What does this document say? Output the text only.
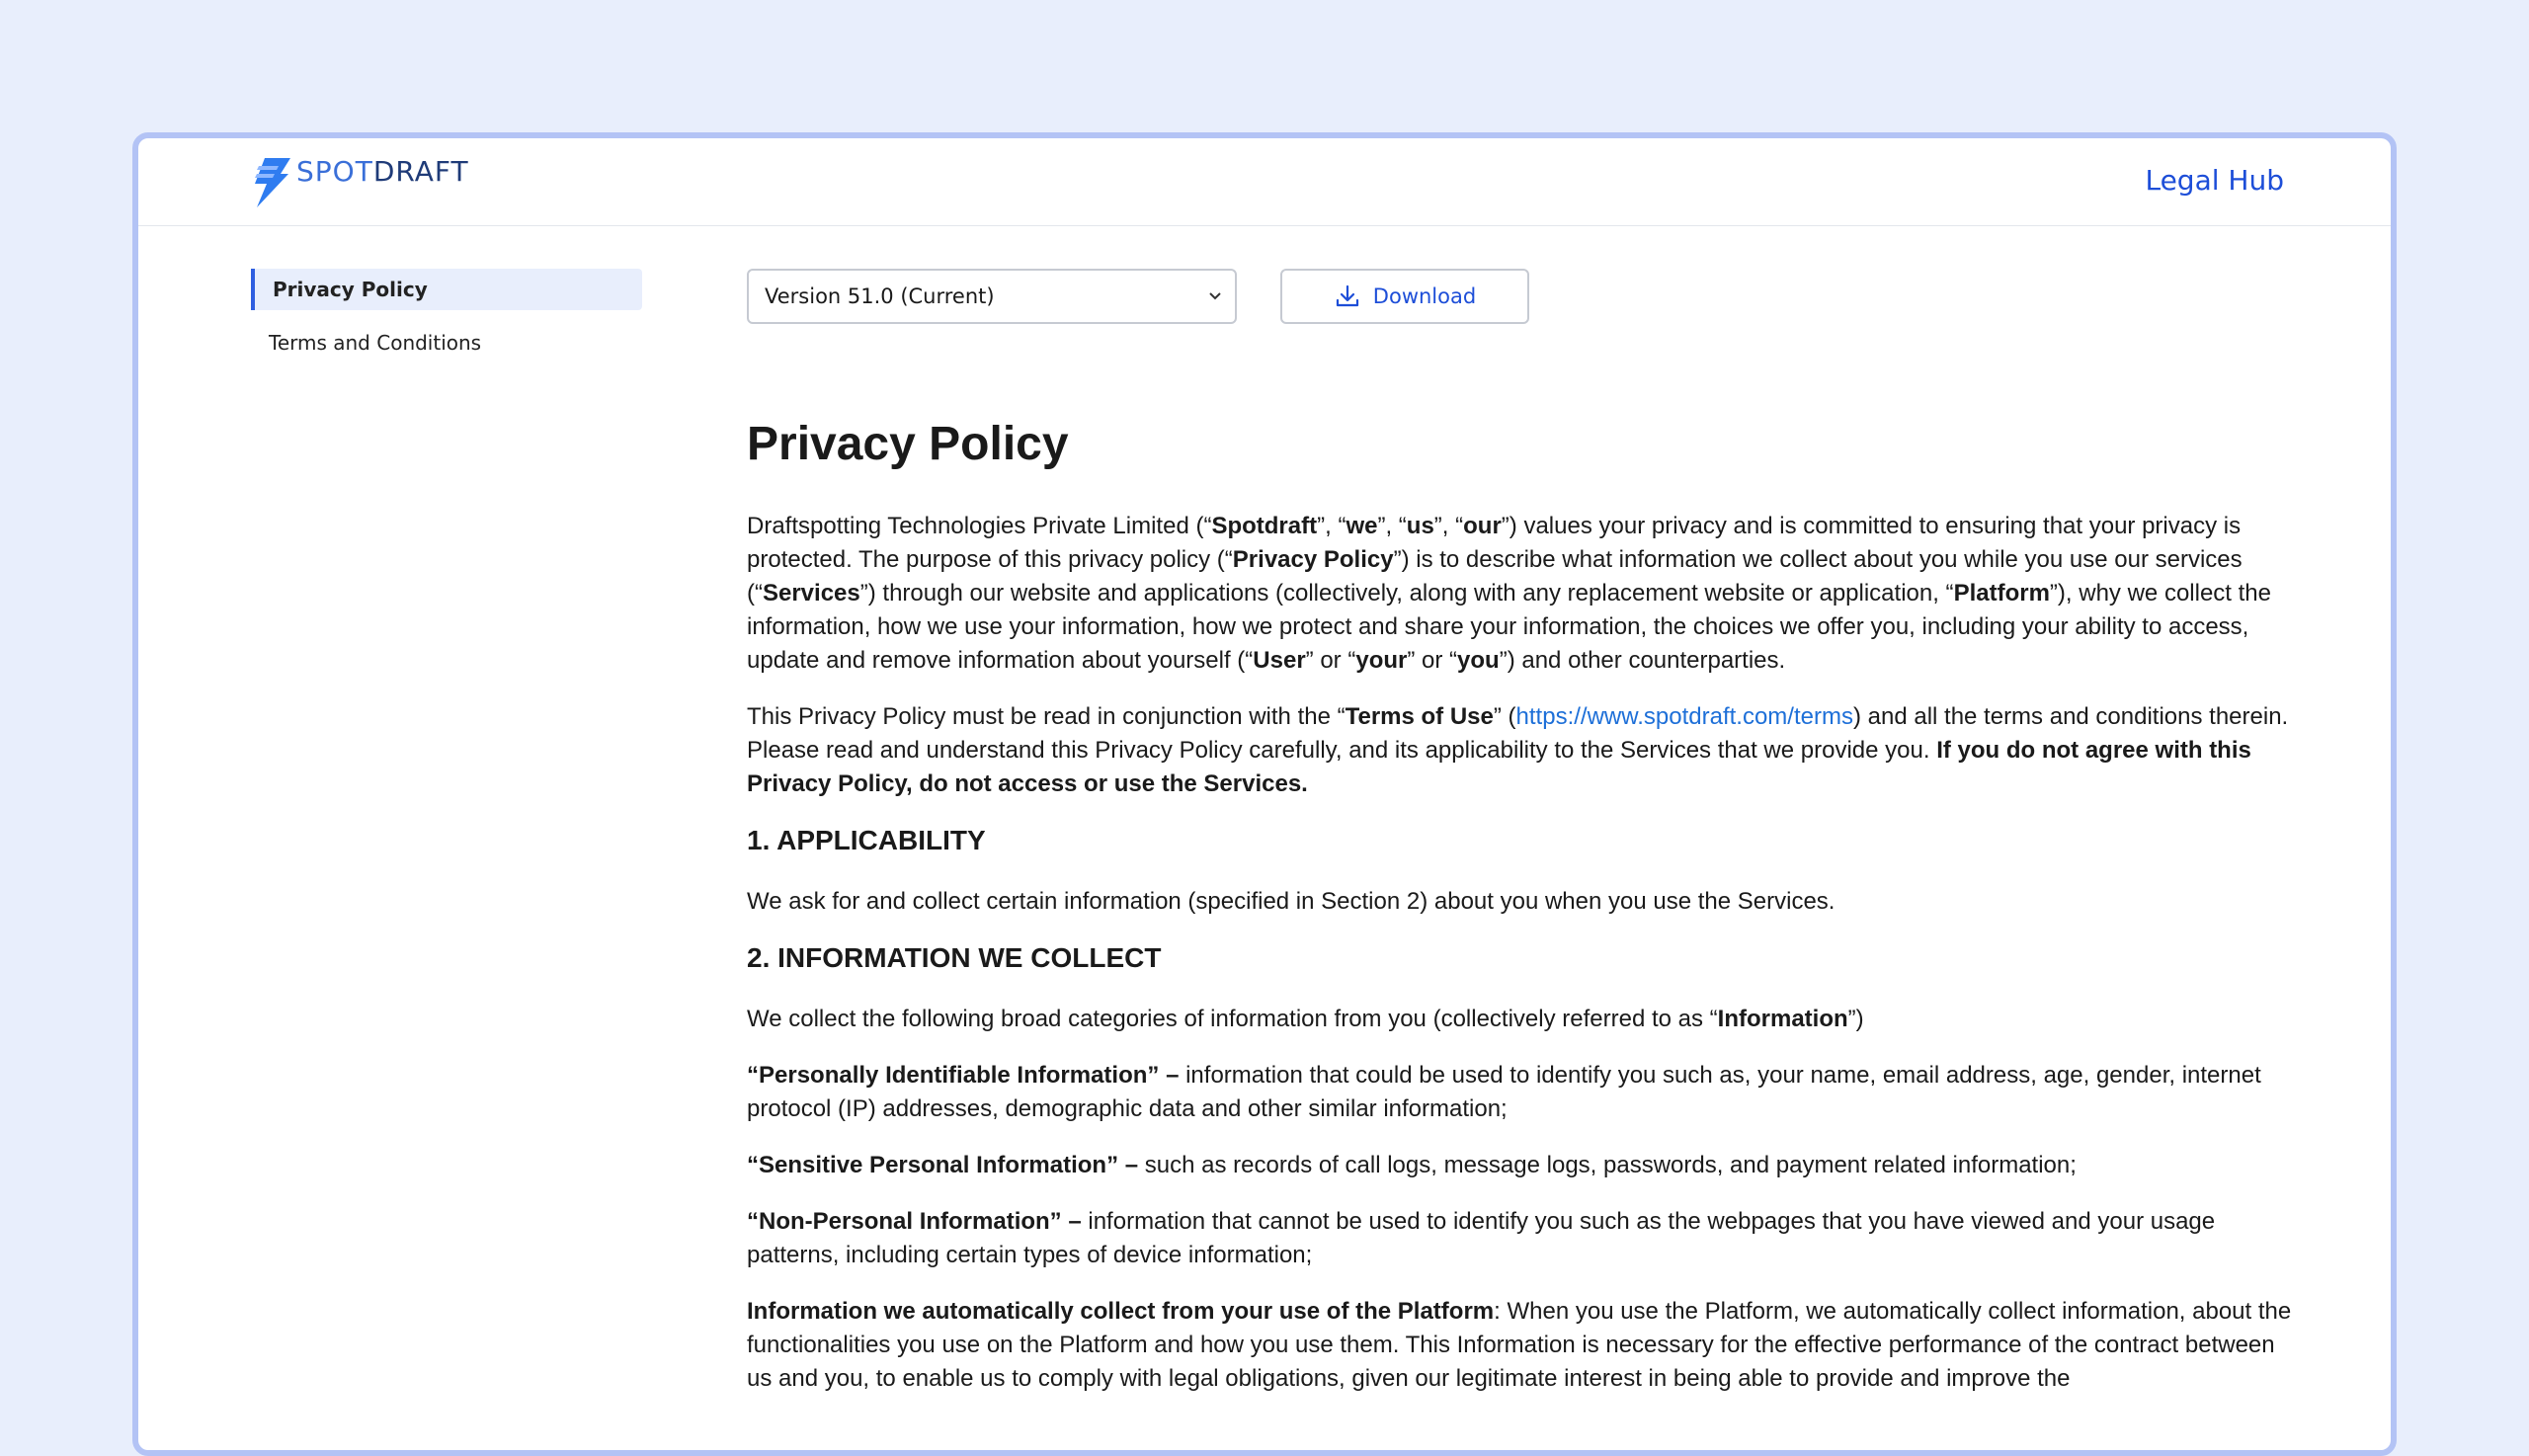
SPOTDRAFT	Legal Hub
Privacy Policy
Terms and Conditions
Version 51.0 (Current)	Download
Privacy Policy

Draftspotting Technologies Private Limited (“Spotdraft”, “we”, “us”, “our”) values your privacy and is committed to ensuring that your privacy is protected. The purpose of this privacy policy (“Privacy Policy”) is to describe what information we collect about you while you use our services (“Services”) through our website and applications (collectively, along with any replacement website or application, “Platform”), why we collect the information, how we use your information, how we protect and share your information, the choices we offer you, including your ability to access, update and remove information about yourself (“User” or “your” or “you”) and other counterparties.

This Privacy Policy must be read in conjunction with the “Terms of Use” (https://www.spotdraft.com/terms) and all the terms and conditions therein. Please read and understand this Privacy Policy carefully, and its applicability to the Services that we provide you. If you do not agree with this Privacy Policy, do not access or use the Services.

1. APPLICABILITY

We ask for and collect certain information (specified in Section 2) about you when you use the Services.

2. INFORMATION WE COLLECT

We collect the following broad categories of information from you (collectively referred to as “Information”)

“Personally Identifiable Information” – information that could be used to identify you such as, your name, email address, age, gender, internet protocol (IP) addresses, demographic data and other similar information;

“Sensitive Personal Information” – such as records of call logs, message logs, passwords, and payment related information;

“Non-Personal Information” – information that cannot be used to identify you such as the webpages that you have viewed and your usage patterns, including certain types of device information;

Information we automatically collect from your use of the Platform: When you use the Platform, we automatically collect information, about the functionalities you use on the Platform and how you use them. This Information is necessary for the effective performance of the contract between us and you, to enable us to comply with legal obligations, given our legitimate interest in being able to provide and improve the
